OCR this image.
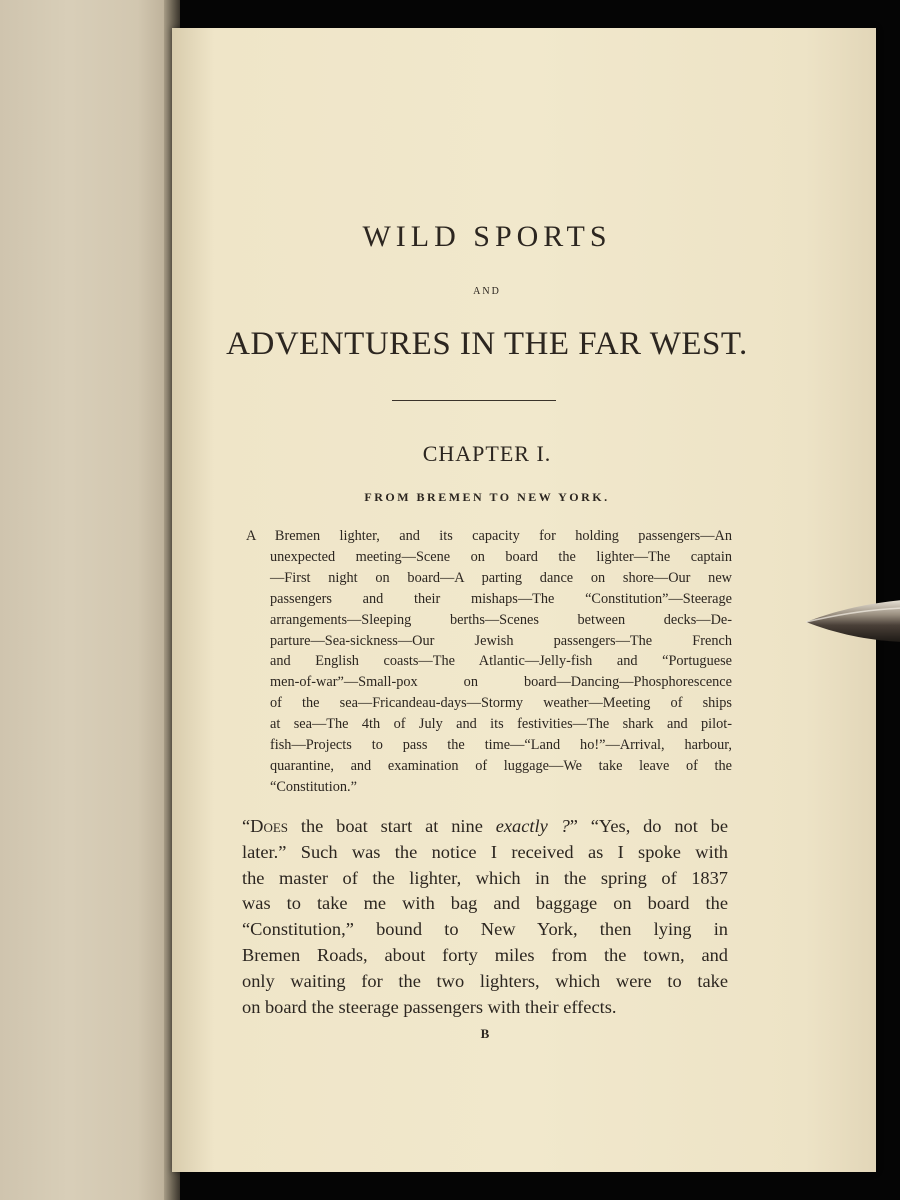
WILD SPORTS
AND
ADVENTURES IN THE FAR WEST.
CHAPTER I.
FROM BREMEN TO NEW YORK.
A Bremen lighter, and its capacity for holding passengers—An
unexpected meeting—Scene on board the lighter—The captain
—First night on board—A parting dance on shore—Our new
passengers and their mishaps—The “Constitution”—Steerage
arrangements—Sleeping berths—Scenes between decks—De-
parture—Sea-sickness—Our Jewish passengers—The French
and English coasts—The Atlantic—Jelly-fish and “Portuguese
men-of-war”—Small-pox on board—Dancing—Phosphorescence
of the sea—Fricandeau-days—Stormy weather—Meeting of ships
at sea—The 4th of July and its festivities—The shark and pilot-
fish—Projects to pass the time—“Land ho!”—Arrival, harbour,
quarantine, and examination of luggage—We take leave of the
“Constitution.”
“Does the boat start at nine exactly ?” “Yes, do not be
later.” Such was the notice I received as I spoke with
the master of the lighter, which in the spring of 1837
was to take me with bag and baggage on board the
“Constitution,” bound to New York, then lying in
Bremen Roads, about forty miles from the town, and
only waiting for the two lighters, which were to take
on board the steerage passengers with their effects.
B
